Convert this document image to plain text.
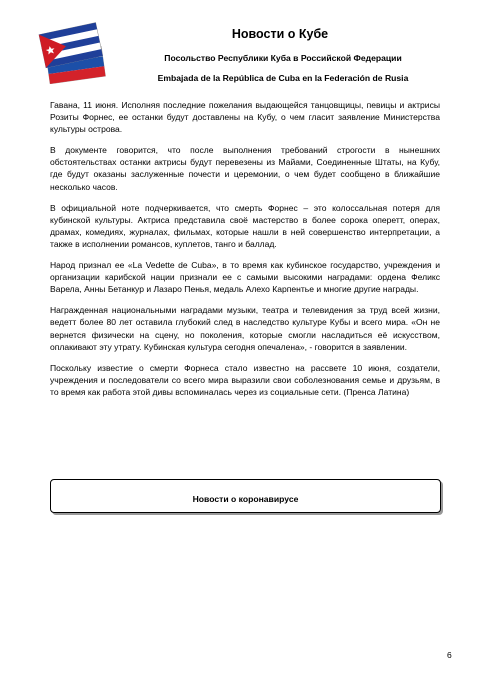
Новости о Кубе
Посольство Республики Куба в Российской Федерации
Embajada de la República de Cuba en la Federación de Rusia

Гавана, 11 июня. Исполняя последние пожелания выдающейся танцовщицы, певицы и актрисы Розиты Форнес, ее останки будут доставлены на Кубу, о чем гласит заявление Министерства культуры острова.

В документе говорится, что после выполнения требований строгости в нынешних обстоятельствах останки актрисы будут перевезены из Майами, Соединенные Штаты, на Кубу, где будут оказаны заслуженные почести и церемонии, о чем будет сообщено в ближайшие несколько часов.

В официальной ноте подчеркивается, что смерть Форнес – это колоссальная потеря для кубинской культуры. Актриса представила своё мастерство в более сорока оперетт, операх, драмах, комедиях, журналах, фильмах, которые нашли в ней совершенство интерпретации, а также в исполнении романсов, куплетов, танго и баллад.

Народ признал ее «La Vedette de Cuba», в то время как кубинское государство, учреждения и организации карибской нации признали ее с самыми высокими наградами: ордена Феликс Варела, Анны Бетанкур и Лазаро Пенья, медаль Алехо Карпентье и многие другие награды.

Награжденная национальными наградами музыки, театра и телевидения за труд всей жизни, ведетт более 80 лет оставила глубокий след в наследство культуре Кубы и всего мира. «Он не вернется физически на сцену, но поколения, которые смогли насладиться её искусством, оплакивают эту утрату. Кубинская культура сегодня опечалена», - говорится в заявлении.

Поскольку известие о смерти Форнеса стало известно на рассвете 10 июня, создатели, учреждения и последователи со всего мира выразили свои соболезнования семье и друзьям, в то время как работа этой дивы вспоминалась через из социальные сети. (Пренса Латина)

Новости о коронавирусе
6
